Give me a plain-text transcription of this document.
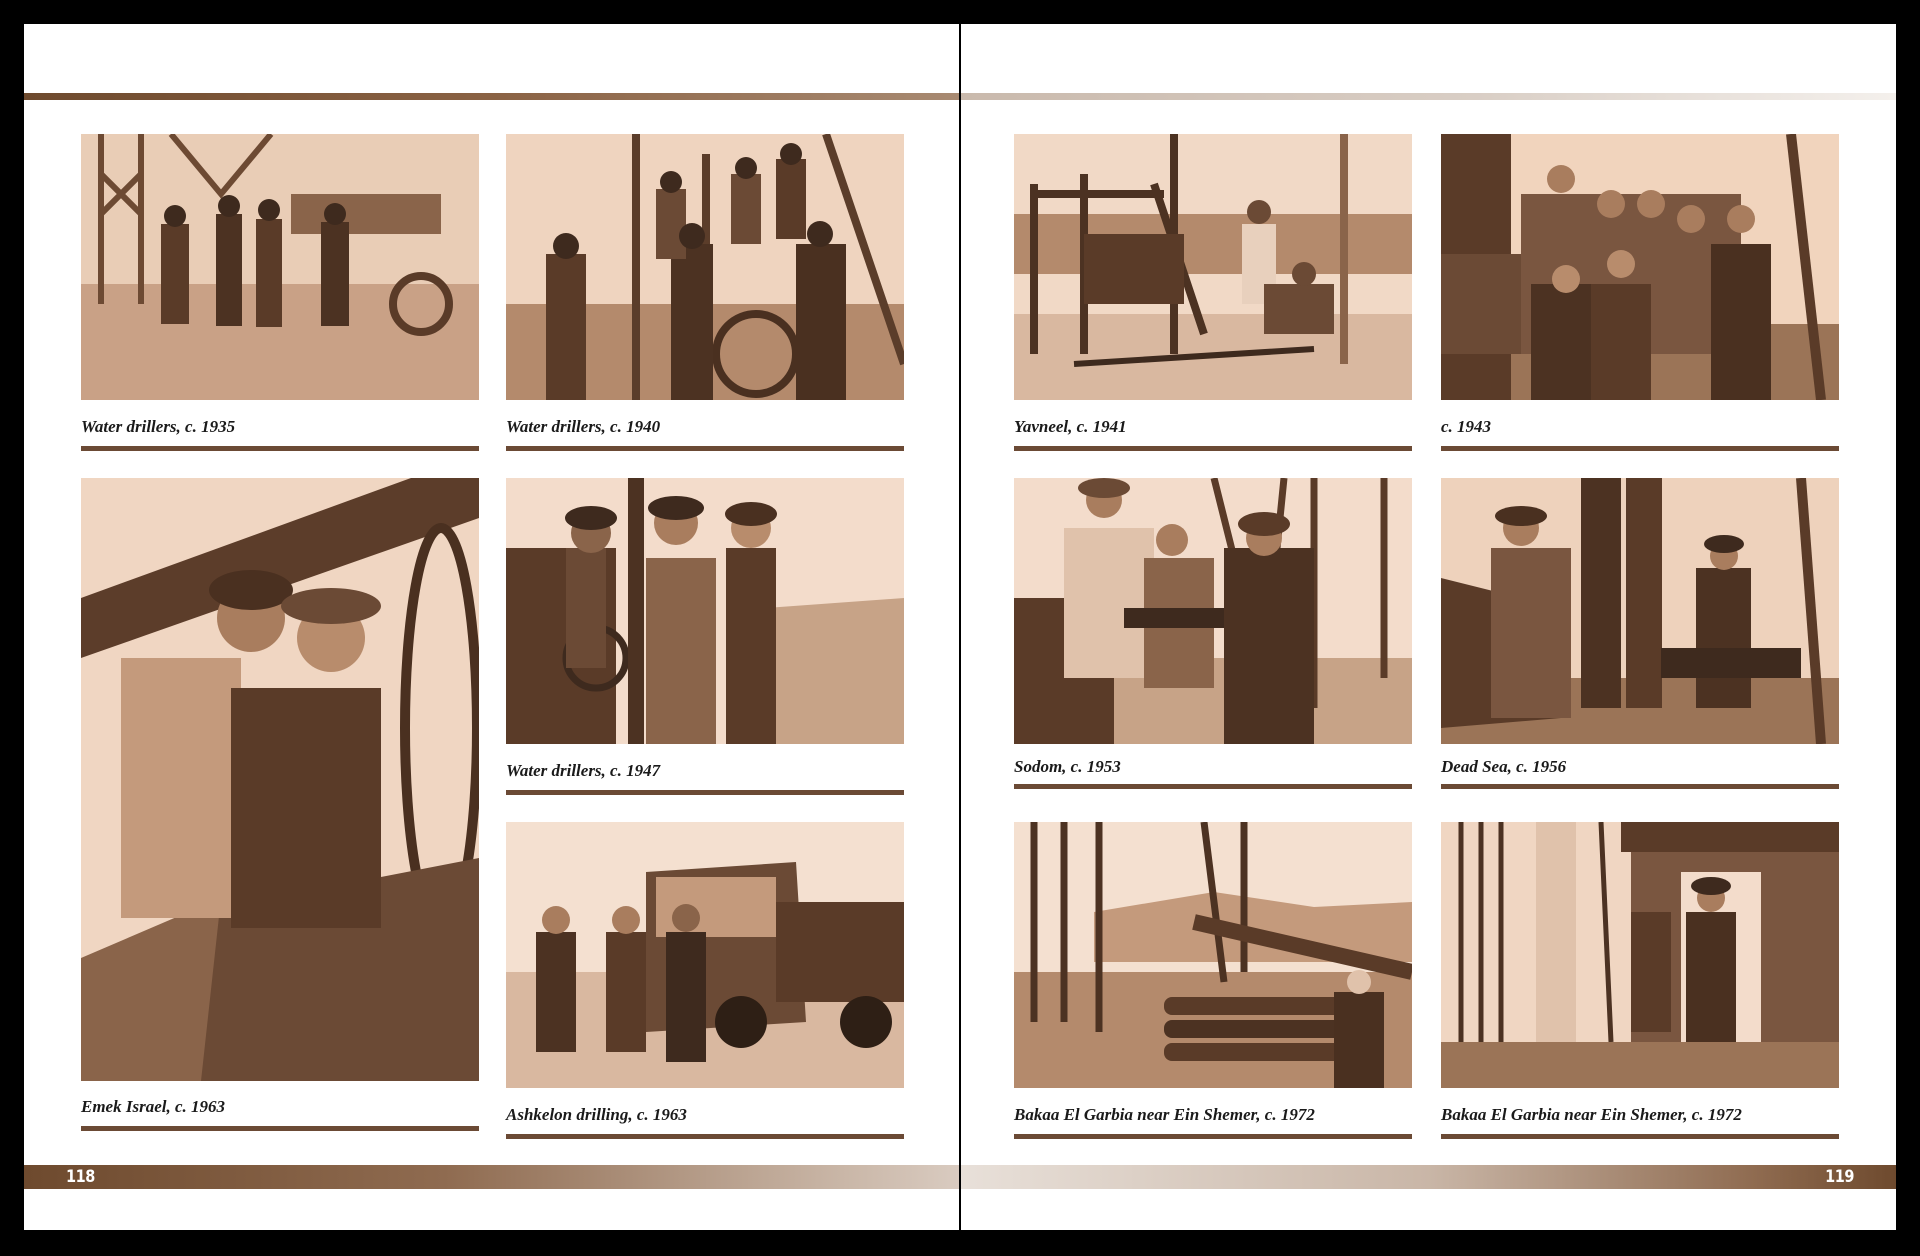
Water drillers, c. 1935	Water drillers, c. 1940
Emek Israel, c. 1963
Water drillers, c. 1947
Ashkelon drilling, c. 1963
118
Yavneel, c. 1941	c. 1943
Sodom, c. 1953	Dead Sea, c. 1956
Bakaa El Garbia near Ein Shemer, c. 1972	Bakaa El Garbia near Ein Shemer, c. 1972
119
